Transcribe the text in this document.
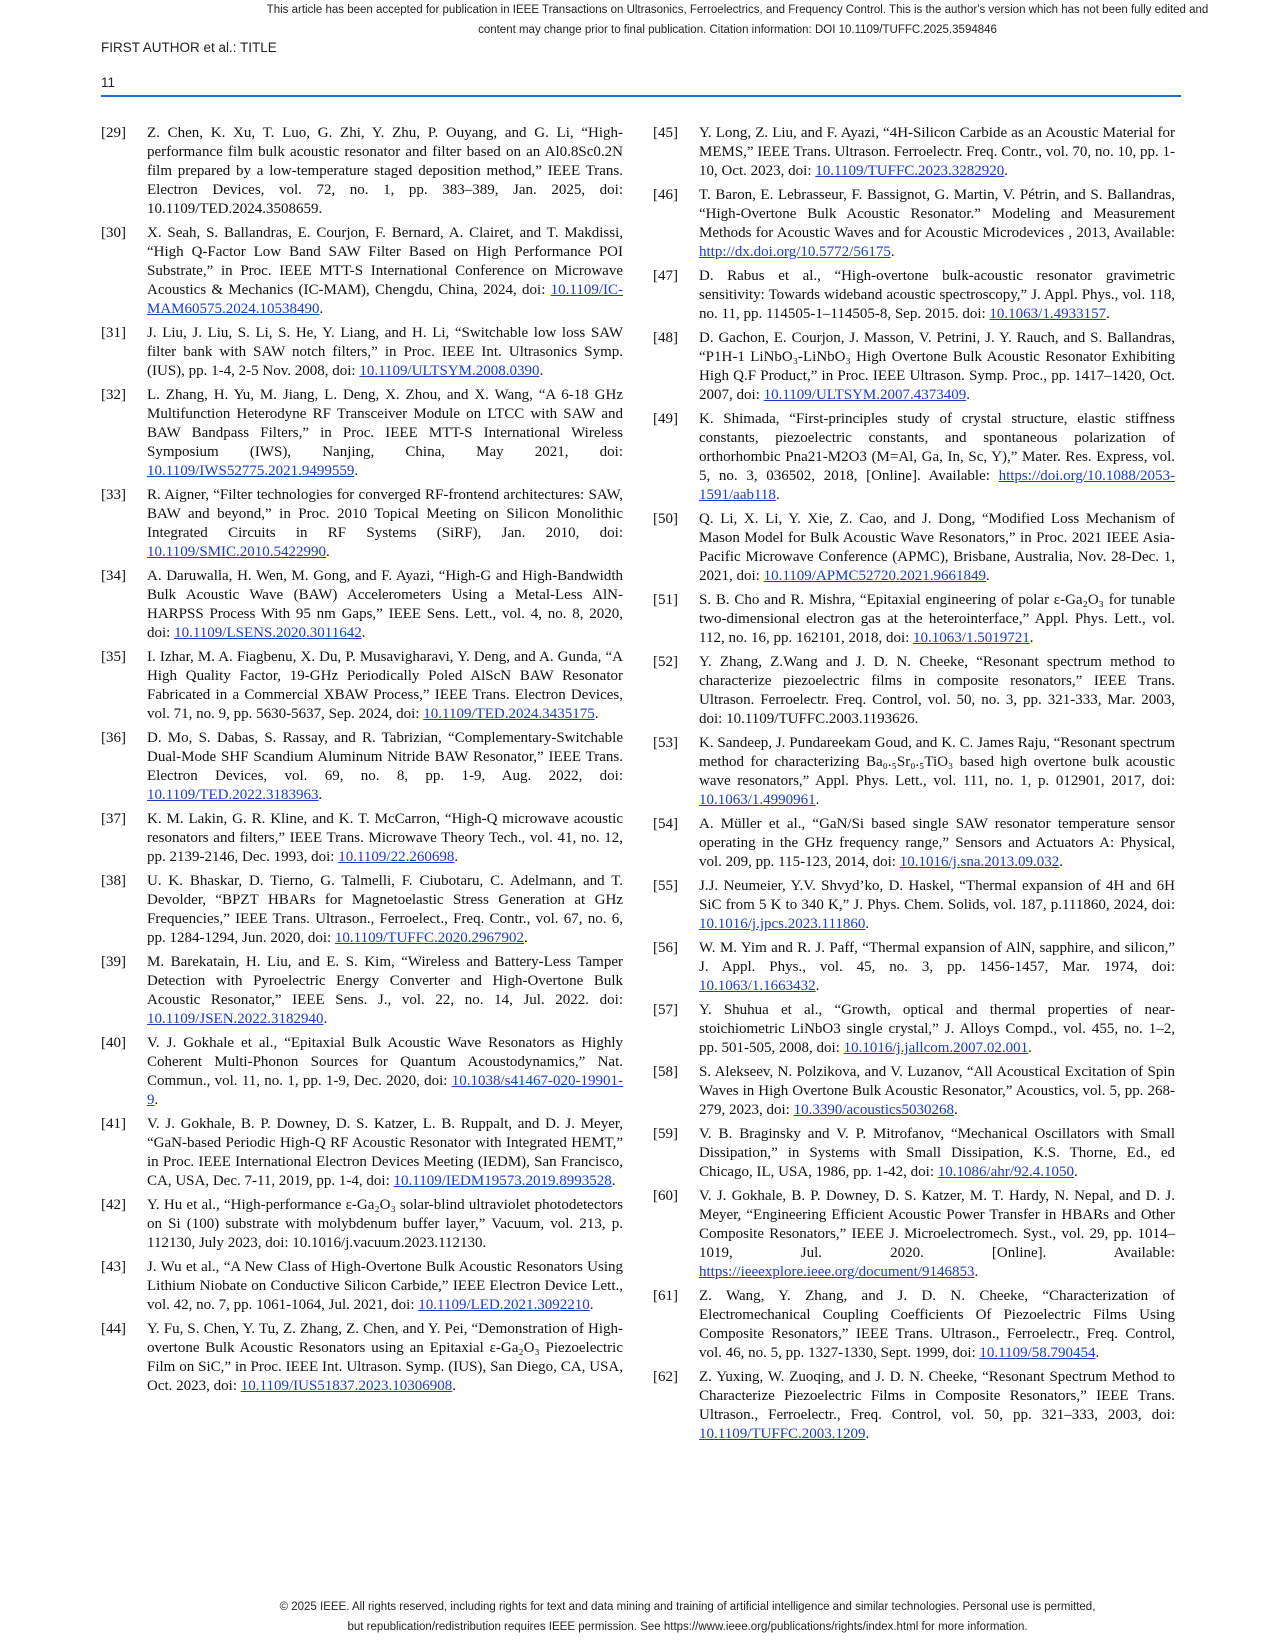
This article has been accepted for publication in IEEE Transactions on Ultrasonics, Ferroelectrics, and Frequency Control. This is the author's version which has not been fully edited and
content may change prior to final publication. Citation information: DOI 10.1109/TUFFC.2025.3594846
FIRST AUTHOR et al.: TITLE
11
[29]	Z. Chen, K. Xu, T. Luo, G. Zhi, Y. Zhu, P. Ouyang, and G. Li, “High-performance film bulk acoustic resonator and filter based on an Al0.8Sc0.2N film prepared by a low-temperature staged deposition method,” IEEE Trans. Electron Devices, vol. 72, no. 1, pp. 383–389, Jan. 2025, doi: 10.1109/TED.2024.3508659.
[30]	X. Seah, S. Ballandras, E. Courjon, F. Bernard, A. Clairet, and T. Makdissi, “High Q-Factor Low Band SAW Filter Based on High Performance POI Substrate,” in Proc. IEEE MTT-S International Conference on Microwave Acoustics & Mechanics (IC-MAM), Chengdu, China, 2024, doi: 10.1109/IC-MAM60575.2024.10538490.
[31]	J. Liu, J. Liu, S. Li, S. He, Y. Liang, and H. Li, “Switchable low loss SAW filter bank with SAW notch filters,” in Proc. IEEE Int. Ultrasonics Symp. (IUS), pp. 1-4, 2-5 Nov. 2008, doi: 10.1109/ULTSYM.2008.0390.
[32]	L. Zhang, H. Yu, M. Jiang, L. Deng, X. Zhou, and X. Wang, “A 6-18 GHz Multifunction Heterodyne RF Transceiver Module on LTCC with SAW and BAW Bandpass Filters,” in Proc. IEEE MTT-S International Wireless Symposium (IWS), Nanjing, China, May 2021, doi: 10.1109/IWS52775.2021.9499559.
[33]	R. Aigner, “Filter technologies for converged RF-frontend architectures: SAW, BAW and beyond,” in Proc. 2010 Topical Meeting on Silicon Monolithic Integrated Circuits in RF Systems (SiRF), Jan. 2010, doi: 10.1109/SMIC.2010.5422990.
[34]	A. Daruwalla, H. Wen, M. Gong, and F. Ayazi, “High-G and High-Bandwidth Bulk Acoustic Wave (BAW) Accelerometers Using a Metal-Less AlN-HARPSS Process With 95 nm Gaps,” IEEE Sens. Lett., vol. 4, no. 8, 2020, doi: 10.1109/LSENS.2020.3011642.
[35]	I. Izhar, M. A. Fiagbenu, X. Du, P. Musavigharavi, Y. Deng, and A. Gunda, “A High Quality Factor, 19-GHz Periodically Poled AlScN BAW Resonator Fabricated in a Commercial XBAW Process,” IEEE Trans. Electron Devices, vol. 71, no. 9, pp. 5630-5637, Sep. 2024, doi: 10.1109/TED.2024.3435175.
[36]	D. Mo, S. Dabas, S. Rassay, and R. Tabrizian, “Complementary-Switchable Dual-Mode SHF Scandium Aluminum Nitride BAW Resonator,” IEEE Trans. Electron Devices, vol. 69, no. 8, pp. 1-9, Aug. 2022, doi: 10.1109/TED.2022.3183963.
[37]	K. M. Lakin, G. R. Kline, and K. T. McCarron, “High-Q microwave acoustic resonators and filters,” IEEE Trans. Microwave Theory Tech., vol. 41, no. 12, pp. 2139-2146, Dec. 1993, doi: 10.1109/22.260698.
[38]	U. K. Bhaskar, D. Tierno, G. Talmelli, F. Ciubotaru, C. Adelmann, and T. Devolder, “BPZT HBARs for Magnetoelastic Stress Generation at GHz Frequencies,” IEEE Trans. Ultrason., Ferroelect., Freq. Contr., vol. 67, no. 6, pp. 1284-1294, Jun. 2020, doi: 10.1109/TUFFC.2020.2967902.
[39]	M. Barekatain, H. Liu, and E. S. Kim, “Wireless and Battery-Less Tamper Detection with Pyroelectric Energy Converter and High-Overtone Bulk Acoustic Resonator,” IEEE Sens. J., vol. 22, no. 14, Jul. 2022. doi: 10.1109/JSEN.2022.3182940.
[40]	V. J. Gokhale et al., “Epitaxial Bulk Acoustic Wave Resonators as Highly Coherent Multi-Phonon Sources for Quantum Acoustodynamics,” Nat. Commun., vol. 11, no. 1, pp. 1-9, Dec. 2020, doi: 10.1038/s41467-020-19901-9.
[41]	V. J. Gokhale, B. P. Downey, D. S. Katzer, L. B. Ruppalt, and D. J. Meyer, “GaN-based Periodic High-Q RF Acoustic Resonator with Integrated HEMT,” in Proc. IEEE International Electron Devices Meeting (IEDM), San Francisco, CA, USA, Dec. 7-11, 2019, pp. 1-4, doi: 10.1109/IEDM19573.2019.8993528.
[42]	Y. Hu et al., “High-performance ε-Ga₂O₃ solar-blind ultraviolet photodetectors on Si (100) substrate with molybdenum buffer layer,” Vacuum, vol. 213, p. 112130, July 2023, doi: 10.1016/j.vacuum.2023.112130.
[43]	J. Wu et al., “A New Class of High-Overtone Bulk Acoustic Resonators Using Lithium Niobate on Conductive Silicon Carbide,” IEEE Electron Device Lett., vol. 42, no. 7, pp. 1061-1064, Jul. 2021, doi: 10.1109/LED.2021.3092210.
[44]	Y. Fu, S. Chen, Y. Tu, Z. Zhang, Z. Chen, and Y. Pei, “Demonstration of High-overtone Bulk Acoustic Resonators using an Epitaxial ε-Ga₂O₃ Piezoelectric Film on SiC,” in Proc. IEEE Int. Ultrason. Symp. (IUS), San Diego, CA, USA, Oct. 2023, doi: 10.1109/IUS51837.2023.10306908.
[45]	Y. Long, Z. Liu, and F. Ayazi, “4H-Silicon Carbide as an Acoustic Material for MEMS,” IEEE Trans. Ultrason. Ferroelectr. Freq. Contr., vol. 70, no. 10, pp. 1-10, Oct. 2023, doi: 10.1109/TUFFC.2023.3282920.
[46]	T. Baron, E. Lebrasseur, F. Bassignot, G. Martin, V. Pétrin, and S. Ballandras, “High-Overtone Bulk Acoustic Resonator.” Modeling and Measurement Methods for Acoustic Waves and for Acoustic Microdevices , 2013, Available: http://dx.doi.org/10.5772/56175.
[47]	D. Rabus et al., “High-overtone bulk-acoustic resonator gravimetric sensitivity: Towards wideband acoustic spectroscopy,” J. Appl. Phys., vol. 118, no. 11, pp. 114505-1–114505-8, Sep. 2015. doi: 10.1063/1.4933157.
[48]	D. Gachon, E. Courjon, J. Masson, V. Petrini, J. Y. Rauch, and S. Ballandras, “P1H-1 LiNbO₃-LiNbO₃ High Overtone Bulk Acoustic Resonator Exhibiting High Q.F Product,” in Proc. IEEE Ultrason. Symp. Proc., pp. 1417–1420, Oct. 2007, doi: 10.1109/ULTSYM.2007.4373409.
[49]	K. Shimada, “First-principles study of crystal structure, elastic stiffness constants, piezoelectric constants, and spontaneous polarization of orthorhombic Pna21-M2O3 (M=Al, Ga, In, Sc, Y),” Mater. Res. Express, vol. 5, no. 3, 036502, 2018, [Online]. Available: https://doi.org/10.1088/2053-1591/aab118.
[50]	Q. Li, X. Li, Y. Xie, Z. Cao, and J. Dong, “Modified Loss Mechanism of Mason Model for Bulk Acoustic Wave Resonators,” in Proc. 2021 IEEE Asia-Pacific Microwave Conference (APMC), Brisbane, Australia, Nov. 28-Dec. 1, 2021, doi: 10.1109/APMC52720.2021.9661849.
[51]	S. B. Cho and R. Mishra, “Epitaxial engineering of polar ε-Ga₂O₃ for tunable two-dimensional electron gas at the heterointerface,” Appl. Phys. Lett., vol. 112, no. 16, pp. 162101, 2018, doi: 10.1063/1.5019721.
[52]	Y. Zhang, Z.Wang and J. D. N. Cheeke, “Resonant spectrum method to characterize piezoelectric films in composite resonators,” IEEE Trans. Ultrason. Ferroelectr. Freq. Control, vol. 50, no. 3, pp. 321-333, Mar. 2003, doi: 10.1109/TUFFC.2003.1193626.
[53]	K. Sandeep, J. Pundareekam Goud, and K. C. James Raju, “Resonant spectrum method for characterizing Ba₀.₅Sr₀.₅TiO₃ based high overtone bulk acoustic wave resonators,” Appl. Phys. Lett., vol. 111, no. 1, p. 012901, 2017, doi: 10.1063/1.4990961.
[54]	A. Müller et al., “GaN/Si based single SAW resonator temperature sensor operating in the GHz frequency range,” Sensors and Actuators A: Physical, vol. 209, pp. 115-123, 2014, doi: 10.1016/j.sna.2013.09.032.
[55]	J.J. Neumeier, Y.V. Shvyd’ko, D. Haskel, “Thermal expansion of 4H and 6H SiC from 5 K to 340 K,” J. Phys. Chem. Solids, vol. 187, p.111860, 2024, doi: 10.1016/j.jpcs.2023.111860.
[56]	W. M. Yim and R. J. Paff, “Thermal expansion of AlN, sapphire, and silicon,” J. Appl. Phys., vol. 45, no. 3, pp. 1456-1457, Mar. 1974, doi: 10.1063/1.1663432.
[57]	Y. Shuhua et al., “Growth, optical and thermal properties of near-stoichiometric LiNbO3 single crystal,” J. Alloys Compd., vol. 455, no. 1–2, pp. 501-505, 2008, doi: 10.1016/j.jallcom.2007.02.001.
[58]	S. Alekseev, N. Polzikova, and V. Luzanov, “All Acoustical Excitation of Spin Waves in High Overtone Bulk Acoustic Resonator,” Acoustics, vol. 5, pp. 268-279, 2023, doi: 10.3390/acoustics5030268.
[59]	V. B. Braginsky and V. P. Mitrofanov, “Mechanical Oscillators with Small Dissipation,” in Systems with Small Dissipation, K.S. Thorne, Ed., ed Chicago, IL, USA, 1986, pp. 1-42, doi: 10.1086/ahr/92.4.1050.
[60]	V. J. Gokhale, B. P. Downey, D. S. Katzer, M. T. Hardy, N. Nepal, and D. J. Meyer, “Engineering Efficient Acoustic Power Transfer in HBARs and Other Composite Resonators,” IEEE J. Microelectromech. Syst., vol. 29, pp. 1014–1019, Jul. 2020. [Online]. Available: https://ieeexplore.ieee.org/document/9146853.
[61]	Z. Wang, Y. Zhang, and J. D. N. Cheeke, “Characterization of Electromechanical Coupling Coefficients Of Piezoelectric Films Using Composite Resonators,” IEEE Trans. Ultrason., Ferroelectr., Freq. Control, vol. 46, no. 5, pp. 1327-1330, Sept. 1999, doi: 10.1109/58.790454.
[62]	Z. Yuxing, W. Zuoqing, and J. D. N. Cheeke, “Resonant Spectrum Method to Characterize Piezoelectric Films in Composite Resonators,” IEEE Trans. Ultrason., Ferroelectr., Freq. Control, vol. 50, pp. 321–333, 2003, doi: 10.1109/TUFFC.2003.1209.
© 2025 IEEE. All rights reserved, including rights for text and data mining and training of artificial intelligence and similar technologies. Personal use is permitted,
but republication/redistribution requires IEEE permission. See https://www.ieee.org/publications/rights/index.html for more information.
